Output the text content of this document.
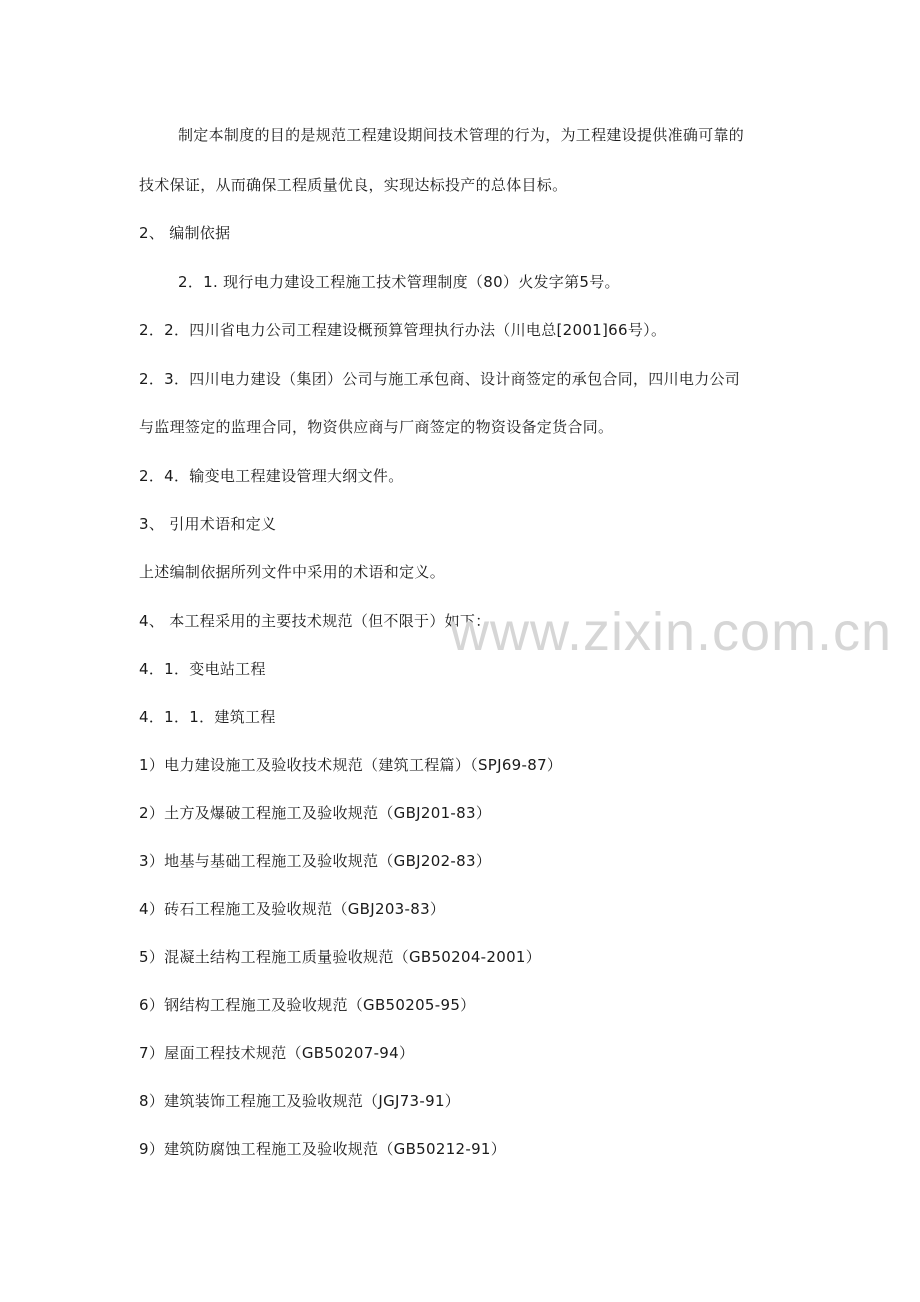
制定本制度的目的是规范工程建设期间技术管理的行为，为工程建设提供准确可靠的
技术保证，从而确保工程质量优良，实现达标投产的总体目标。
2、 编制依据
2．1. 现行电力建设工程施工技术管理制度（80）火发字第5号。
2．2．四川省电力公司工程建设概预算管理执行办法（川电总[2001]66号）。
2．3．四川电力建设（集团）公司与施工承包商、设计商签定的承包合同，四川电力公司
与监理签定的监理合同，物资供应商与厂商签定的物资设备定货合同。
2．4．输变电工程建设管理大纲文件。
3、 引用术语和定义
上述编制依据所列文件中采用的术语和定义。
4、 本工程采用的主要技术规范（但不限于）如下：
4．1．变电站工程
4．1．1．建筑工程
1）电力建设施工及验收技术规范（建筑工程篇）（SPJ69-87）
2）土方及爆破工程施工及验收规范（GBJ201-83）
3）地基与基础工程施工及验收规范（GBJ202-83）
4）砖石工程施工及验收规范（GBJ203-83）
5）混凝土结构工程施工质量验收规范（GB50204-2001）
6）钢结构工程施工及验收规范（GB50205-95）
7）屋面工程技术规范（GB50207-94）
8）建筑装饰工程施工及验收规范（JGJ73-91）
9）建筑防腐蚀工程施工及验收规范（GB50212-91）
www.zixin.com.cn
